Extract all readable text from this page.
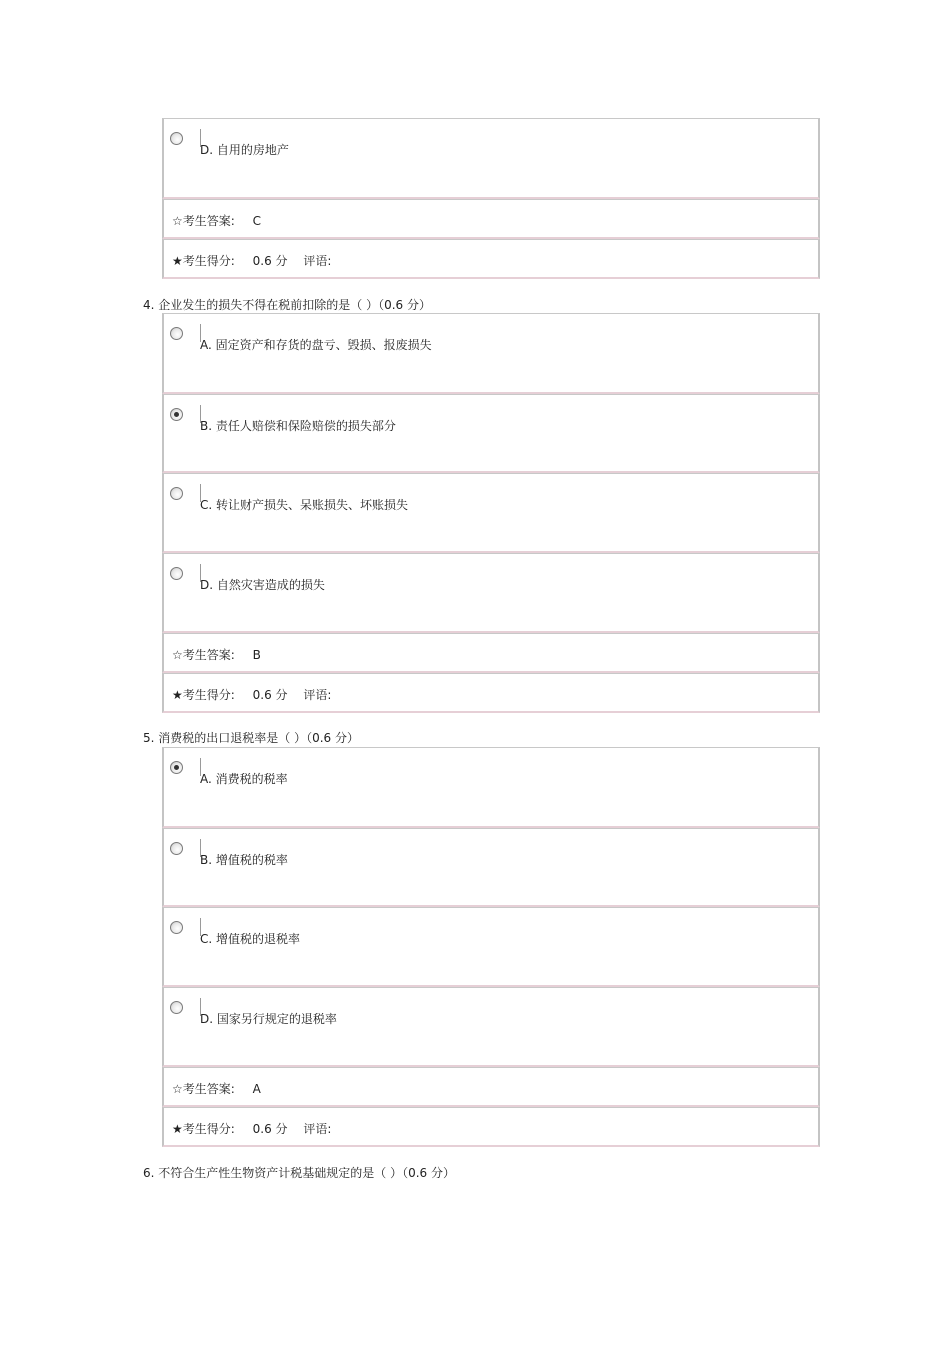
D. 自用的房地产
☆考生答案: C
★考生得分: 0.6 分 评语:
4. 企业发生的损失不得在税前扣除的是（ ）（0.6 分）
A. 固定资产和存货的盘亏、毁损、报废损失
B. 责任人赔偿和保险赔偿的损失部分
C. 转让财产损失、呆账损失、坏账损失
D. 自然灾害造成的损失
☆考生答案: B
★考生得分: 0.6 分 评语:
5. 消费税的出口退税率是（ ）（0.6 分）
A. 消费税的税率
B. 增值税的税率
C. 增值税的退税率
D. 国家另行规定的退税率
☆考生答案: A
★考生得分: 0.6 分 评语:
6. 不符合生产性生物资产计税基础规定的是（ ）（0.6 分）
